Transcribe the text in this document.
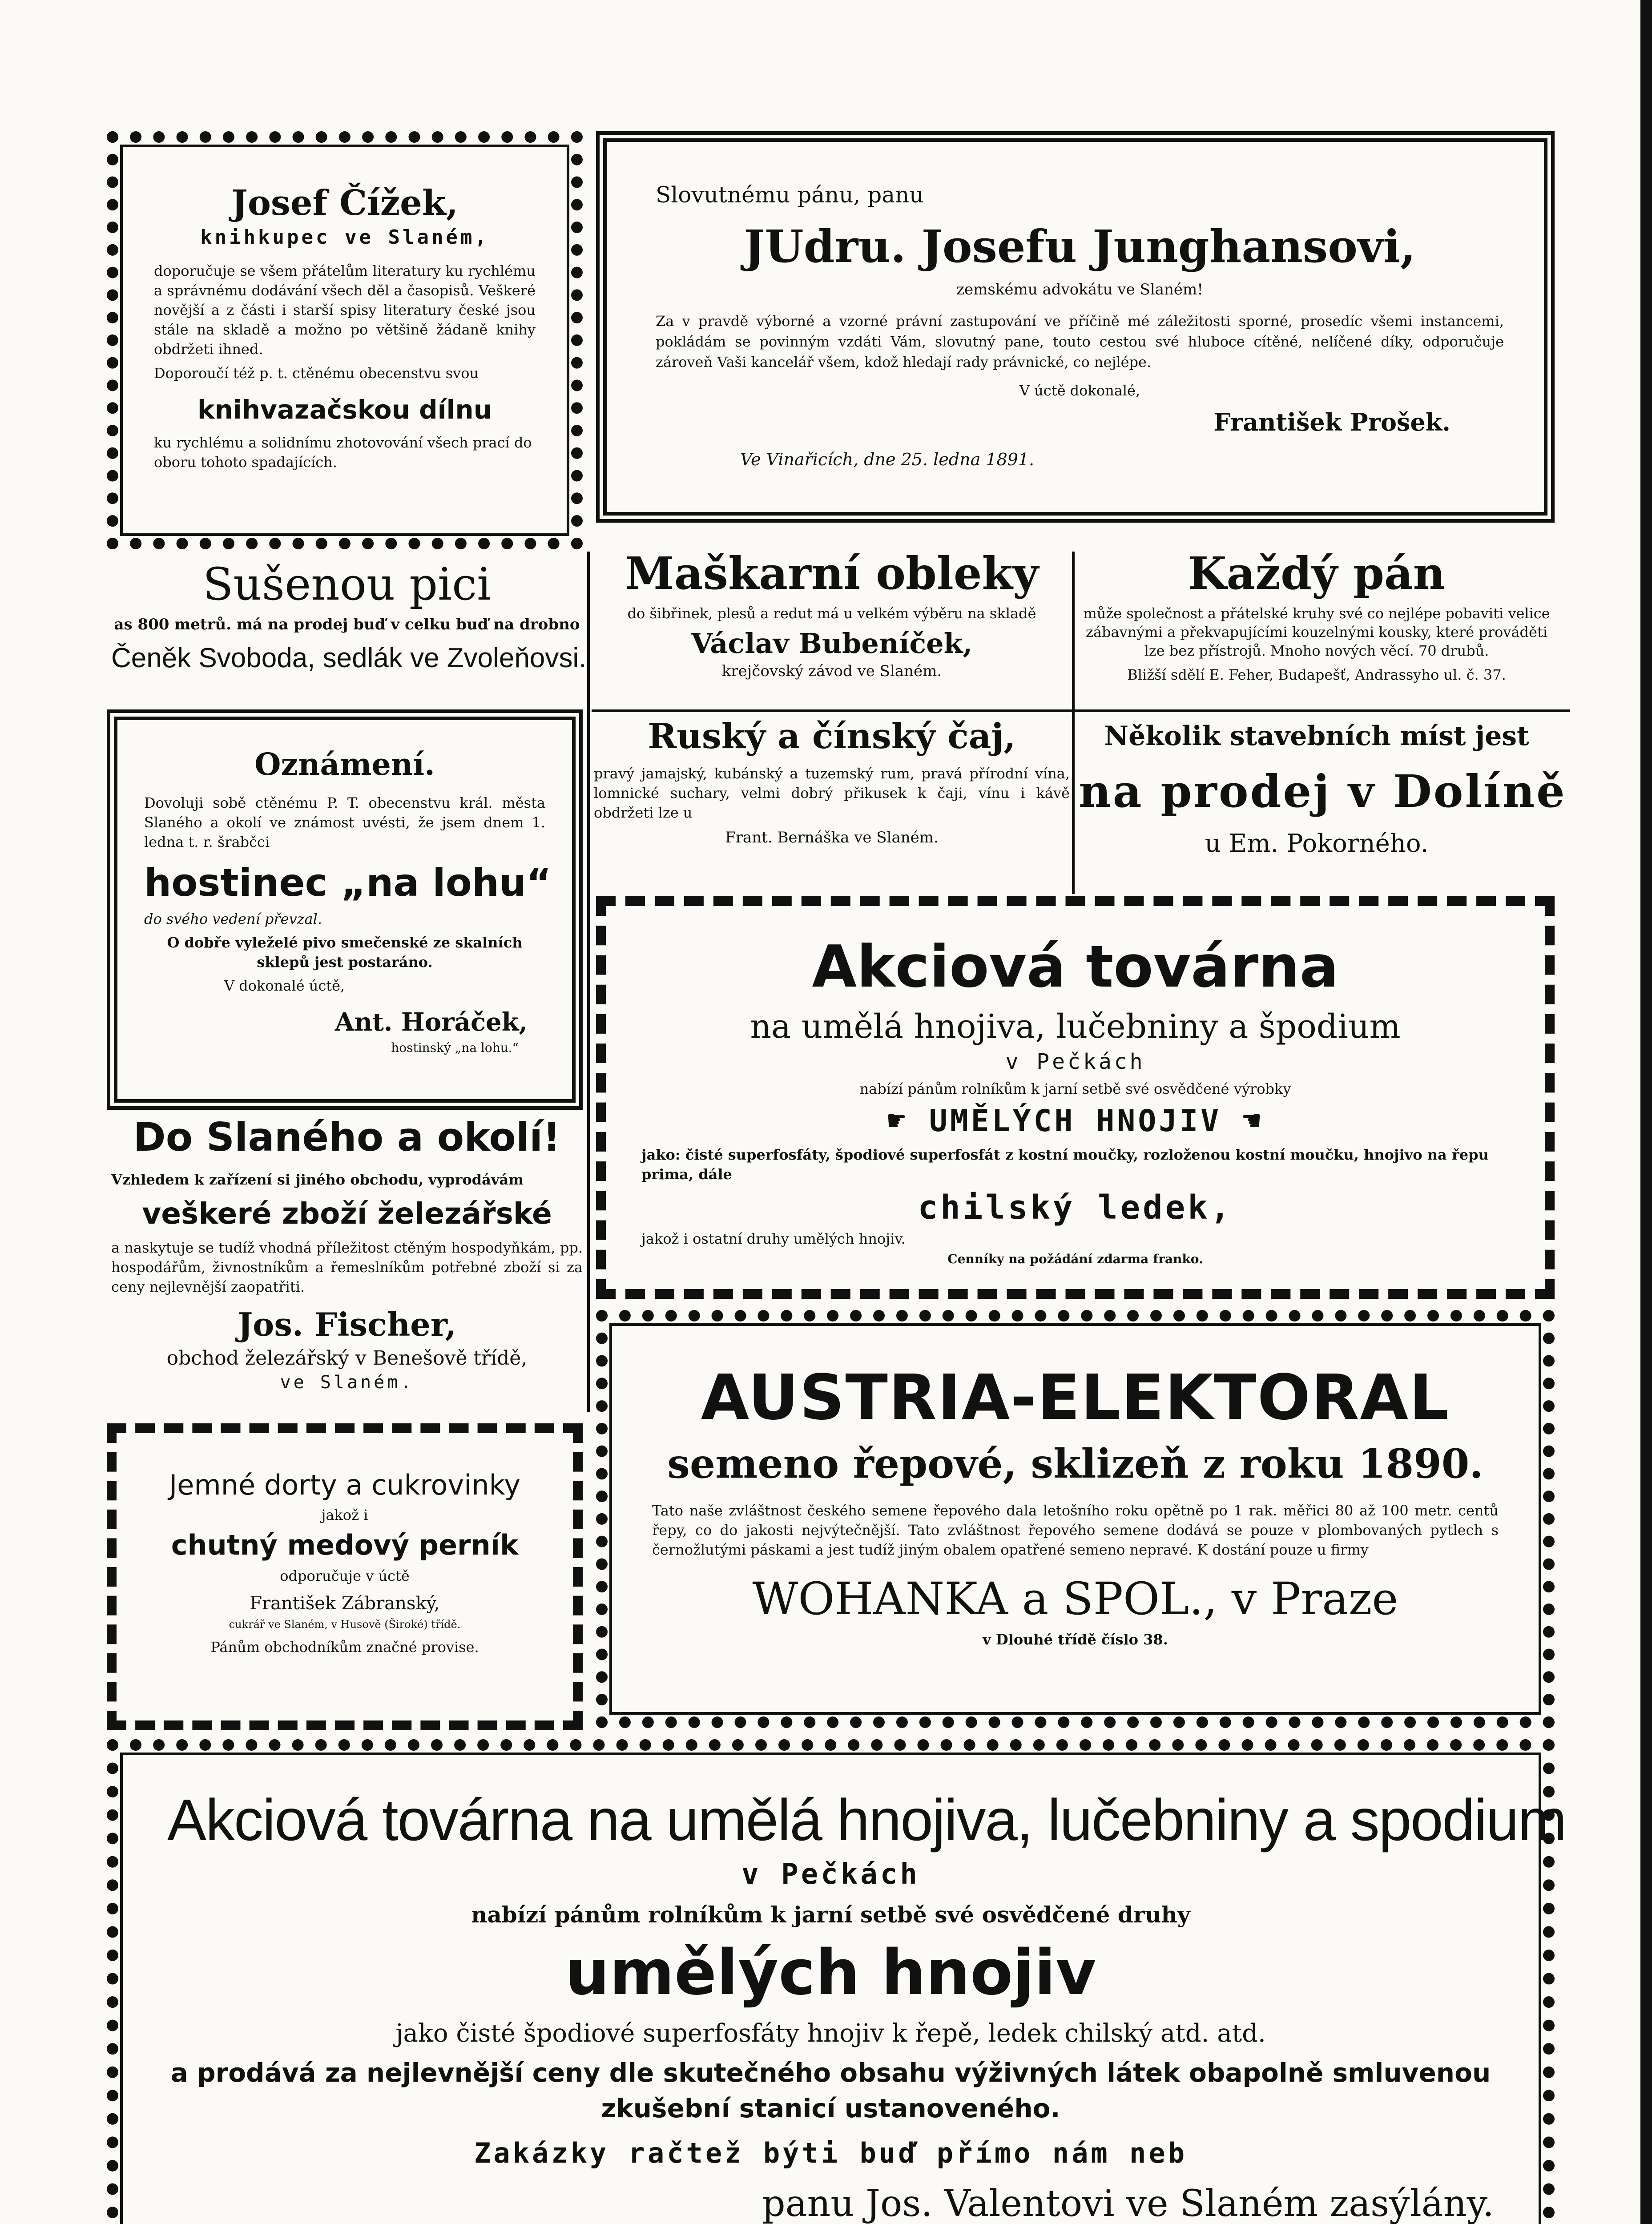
Josef Čížek,
knihkupec ve Slaném,
doporučuje se všem přátelům literatury ku rychlému a správnému dodávání všech děl a časopisů. Veškeré novější a z části i starší spisy literatury české jsou stále na skladě a možno po většině žádaně knihy obdržeti ihned.
Doporoučí též p. t. ctěnému obecenstvu svou
knihvazačskou dílnu
ku rychlému a solidnímu zhotovování všech prací do oboru tohoto spadajících.
Slovutnému pánu, panu
JUdru. Josefu Junghansovi,
zemskému advokátu ve Slaném!
Za v pravdě výborné a vzorné právní zastupování ve příčině mé záležitosti sporné, prosedíc všemi instancemi, pokládám se povinným vzdáti Vám, slovutný pane, touto cestou své hluboce cítěné, nelíčené díky, odporučuje zároveň Vaši kancelář všem, kdož hledají rady právnické, co nejlépe.
V úctě dokonalé,
František Prošek.
Ve Vinařicích, dne 25. ledna 1891.
Sušenou pici
as 800 metrů. má na prodej buď v celku buď na drobno
Čeněk Svoboda, sedlák ve Zvoleňovsi.
Maškarní obleky
do šibřinek, plesů a redut má u velkém výběru na skladě
Václav Bubeníček,
krejčovský závod ve Slaném.
Každý pán
může společnost a přátelské kruhy své co nejlépe pobaviti velice zábavnými a překvapujícími kouzelnými kousky, které prováděti lze bez přístrojů. Mnoho nových věcí. 70 drubů.
Bližší sdělí E. Feher, Budapešť, Andrassyho ul. č. 37.
Oznámení.
Dovoluji sobě ctěnému P. T. obecenstvu král. města Slaného a okolí ve známost uvésti, že jsem dnem 1. ledna t. r. šrabčci
hostinec „na lohu“
do svého vedení převzal.
O dobře vyleželé pivo smečenské ze skalních sklepů jest postaráno.
V dokonalé úctě,
Ant. Horáček,
hostinský „na lohu.“
Ruský a čínský čaj,
pravý jamajský, kubánský a tuzemský rum, pravá přírodní vína, lomnické suchary, velmi dobrý přikusek k čaji, vínu i kávě obdržeti lze u
Frant. Bernáška ve Slaném.
Několik stavebních míst jest
na prodej v Dolíně
u Em. Pokorného.
Akciová továrna
na umělá hnojiva, lučebniny a špodium
v Pečkách
nabízí pánům rolníkům k jarní setbě své osvědčené výrobky
☛ UMĚLÝCH HNOJIV ☚
jako: čisté superfosfáty, špodiové superfosfát z kostní moučky, rozloženou kostní moučku, hnojivo na řepu prima, dále
chilský ledek,
jakož i ostatní druhy umělých hnojiv.
Cenníky na požádání zdarma franko.
Do Slaného a okolí!
Vzhledem k zařízení si jiného obchodu, vyprodávám
veškeré zboží železářské
a naskytuje se tudíž vhodná příležitost ctěným hospodyňkám, pp. hospodářům, živnostníkům a řemeslníkům potřebné zboží si za ceny nejlevnější zaopatřiti.
Jos. Fischer,
obchod železářský v Benešově třídě,
ve Slaném.	AUSTRIA-ELEKTORAL
semeno řepové, sklizeň z roku 1890.
Tato naše zvláštnost českého semene řepového dala letošního roku opětně po 1 rak. měřici 80 až 100 metr. centů řepy, co do jakosti nejvýtečnější. Tato zvláštnost řepového semene dodává se pouze v plombovaných pytlech s černožlutými páskami a jest tudíž jiným obalem opatřené semeno nepravé. K dostání pouze u firmy
WOHANKA a SPOL., v Praze
v Dlouhé třídě číslo 38.
Jemné dorty a cukrovinky
jakož i
chutný medový perník
odporučuje v úctě
František Zábranský,
cukrář ve Slaném, v Husově (Široké) třídě.
Pánům obchodníkům značné provise.
Akciová továrna na umělá hnojiva, lučebniny a spodium
v Pečkách
nabízí pánům rolníkům k jarní setbě své osvědčené druhy
umělých hnojiv
jako čisté špodiové superfosfáty hnojiv k řepě, ledek chilský atd. atd.
a prodává za nejlevnější ceny dle skutečného obsahu výživných látek obapolně smluvenou zkušební stanicí ustanoveného.
Zakázky račtež býti buď přímo nám neb
panu Jos. Valentovi ve Slaném zasýlány.
